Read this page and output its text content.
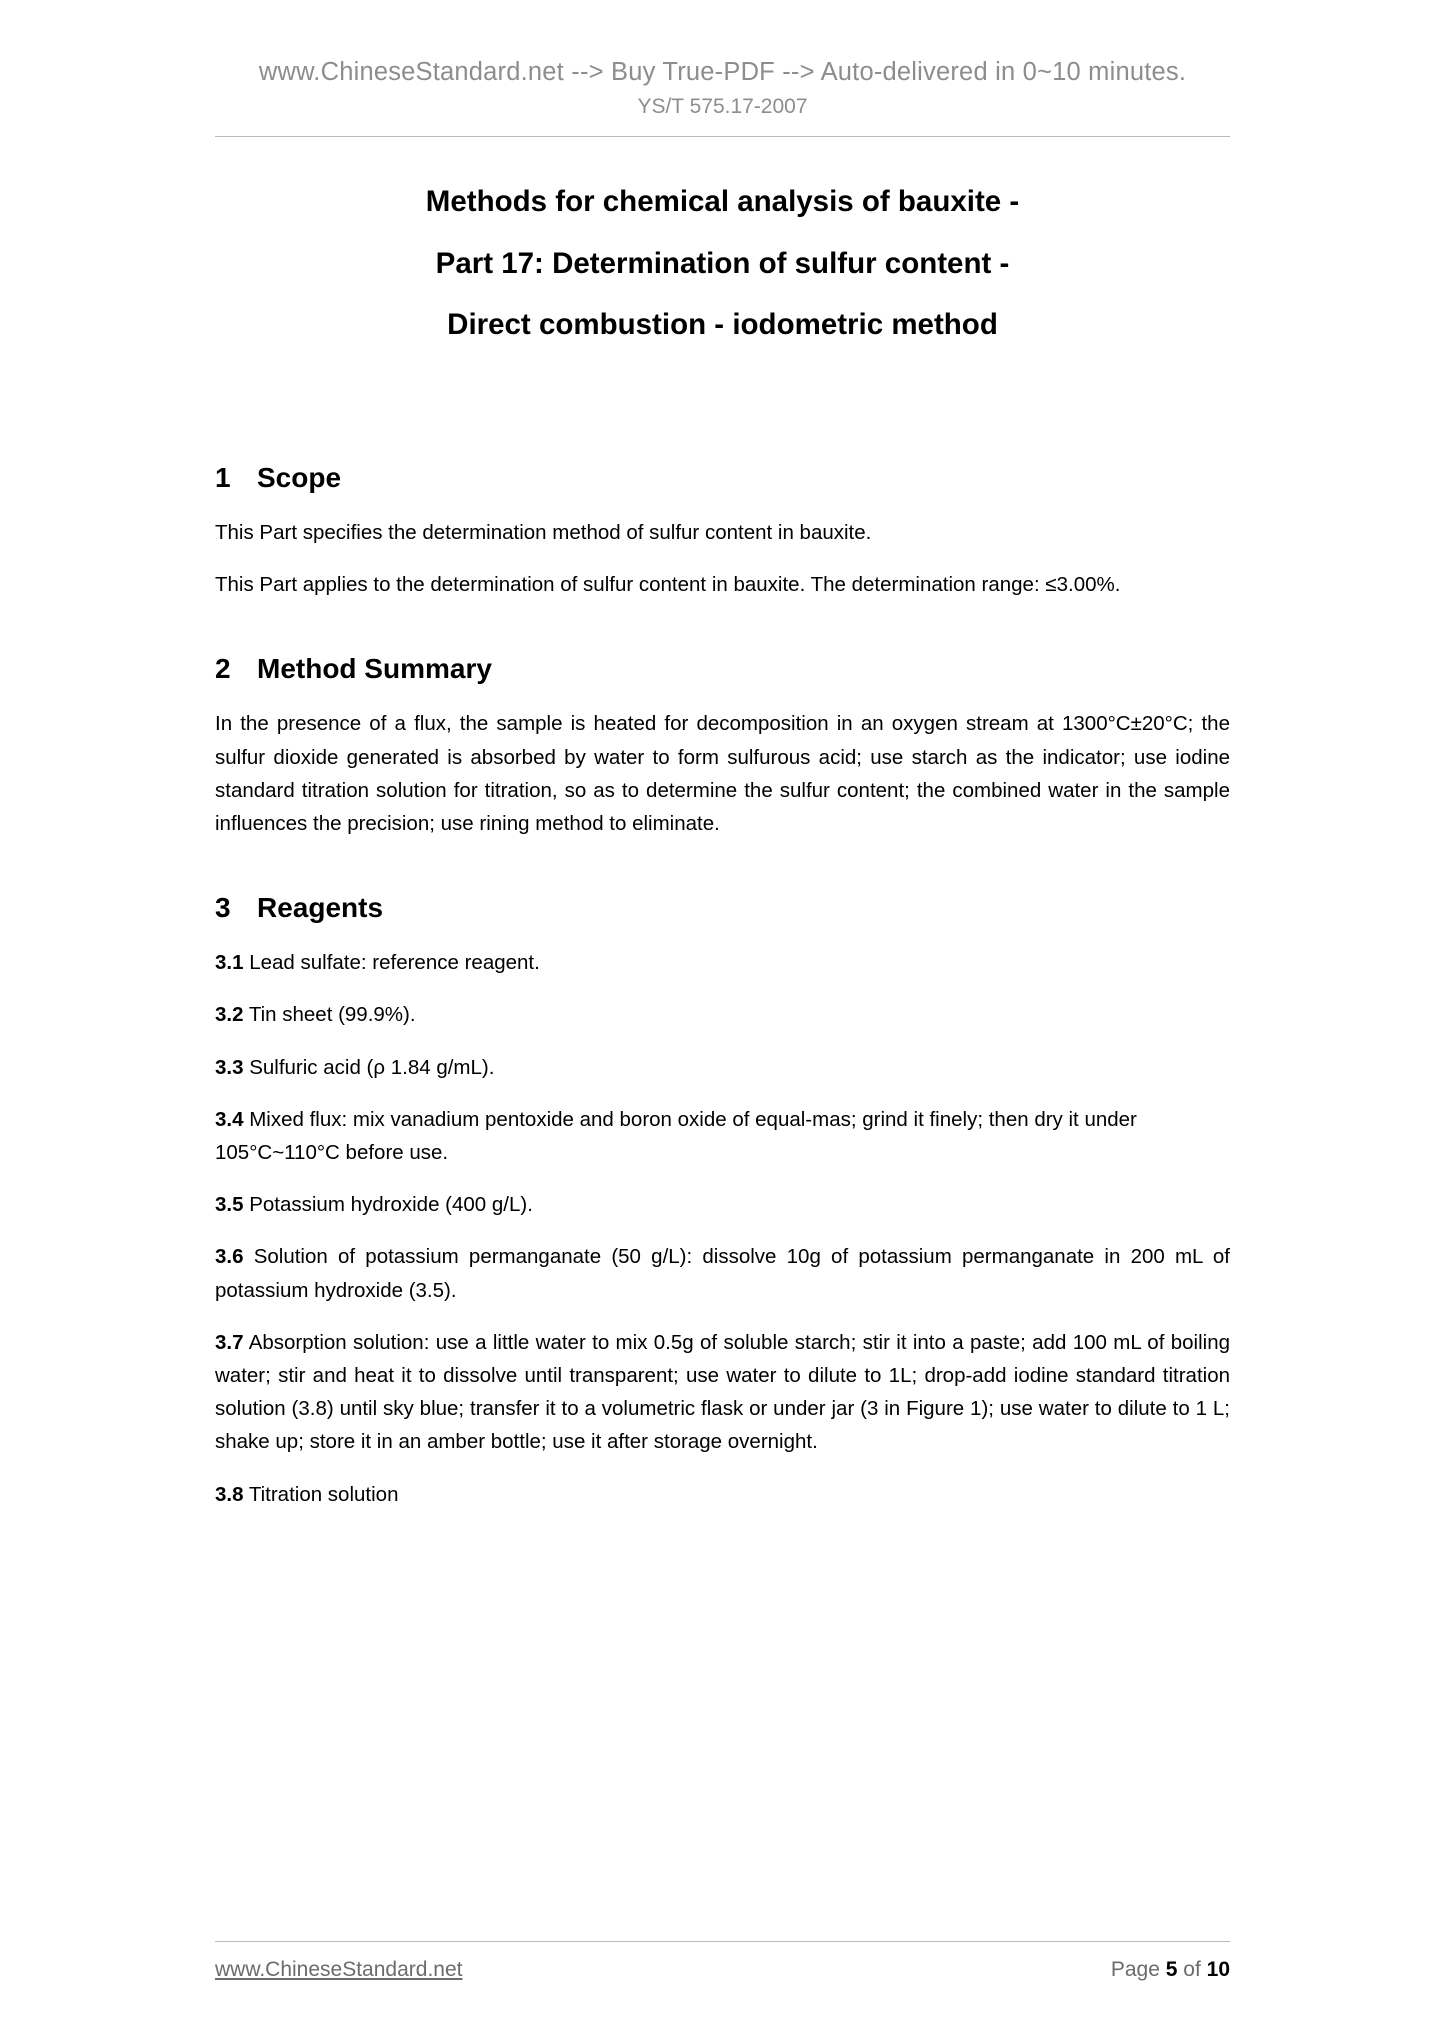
www.ChineseStandard.net --> Buy True-PDF --> Auto-delivered in 0~10 minutes.
YS/T 575.17-2007
Methods for chemical analysis of bauxite -
Part 17: Determination of sulfur content -
Direct combustion - iodometric method
1 Scope

This Part specifies the determination method of sulfur content in bauxite.

This Part applies to the determination of sulfur content in bauxite. The determination range: ≤3.00%.

2 Method Summary

In the presence of a flux, the sample is heated for decomposition in an oxygen stream at 1300°C±20°C; the sulfur dioxide generated is absorbed by water to form sulfurous acid; use starch as the indicator; use iodine standard titration solution for titration, so as to determine the sulfur content; the combined water in the sample influences the precision; use rining method to eliminate.

3 Reagents

3.1 Lead sulfate: reference reagent.

3.2 Tin sheet (99.9%).

3.3 Sulfuric acid (ρ 1.84 g/mL).

3.4 Mixed flux: mix vanadium pentoxide and boron oxide of equal-mas; grind it finely; then dry it under 105°C~110°C before use.

3.5 Potassium hydroxide (400 g/L).

3.6 Solution of potassium permanganate (50 g/L): dissolve 10g of potassium permanganate in 200 mL of potassium hydroxide (3.5).

3.7 Absorption solution: use a little water to mix 0.5g of soluble starch; stir it into a paste; add 100 mL of boiling water; stir and heat it to dissolve until transparent; use water to dilute to 1L; drop-add iodine standard titration solution (3.8) until sky blue; transfer it to a volumetric flask or under jar (3 in Figure 1); use water to dilute to 1 L; shake up; store it in an amber bottle; use it after storage overnight.

3.8 Titration solution

www.ChineseStandard.net	Page 5 of 10
